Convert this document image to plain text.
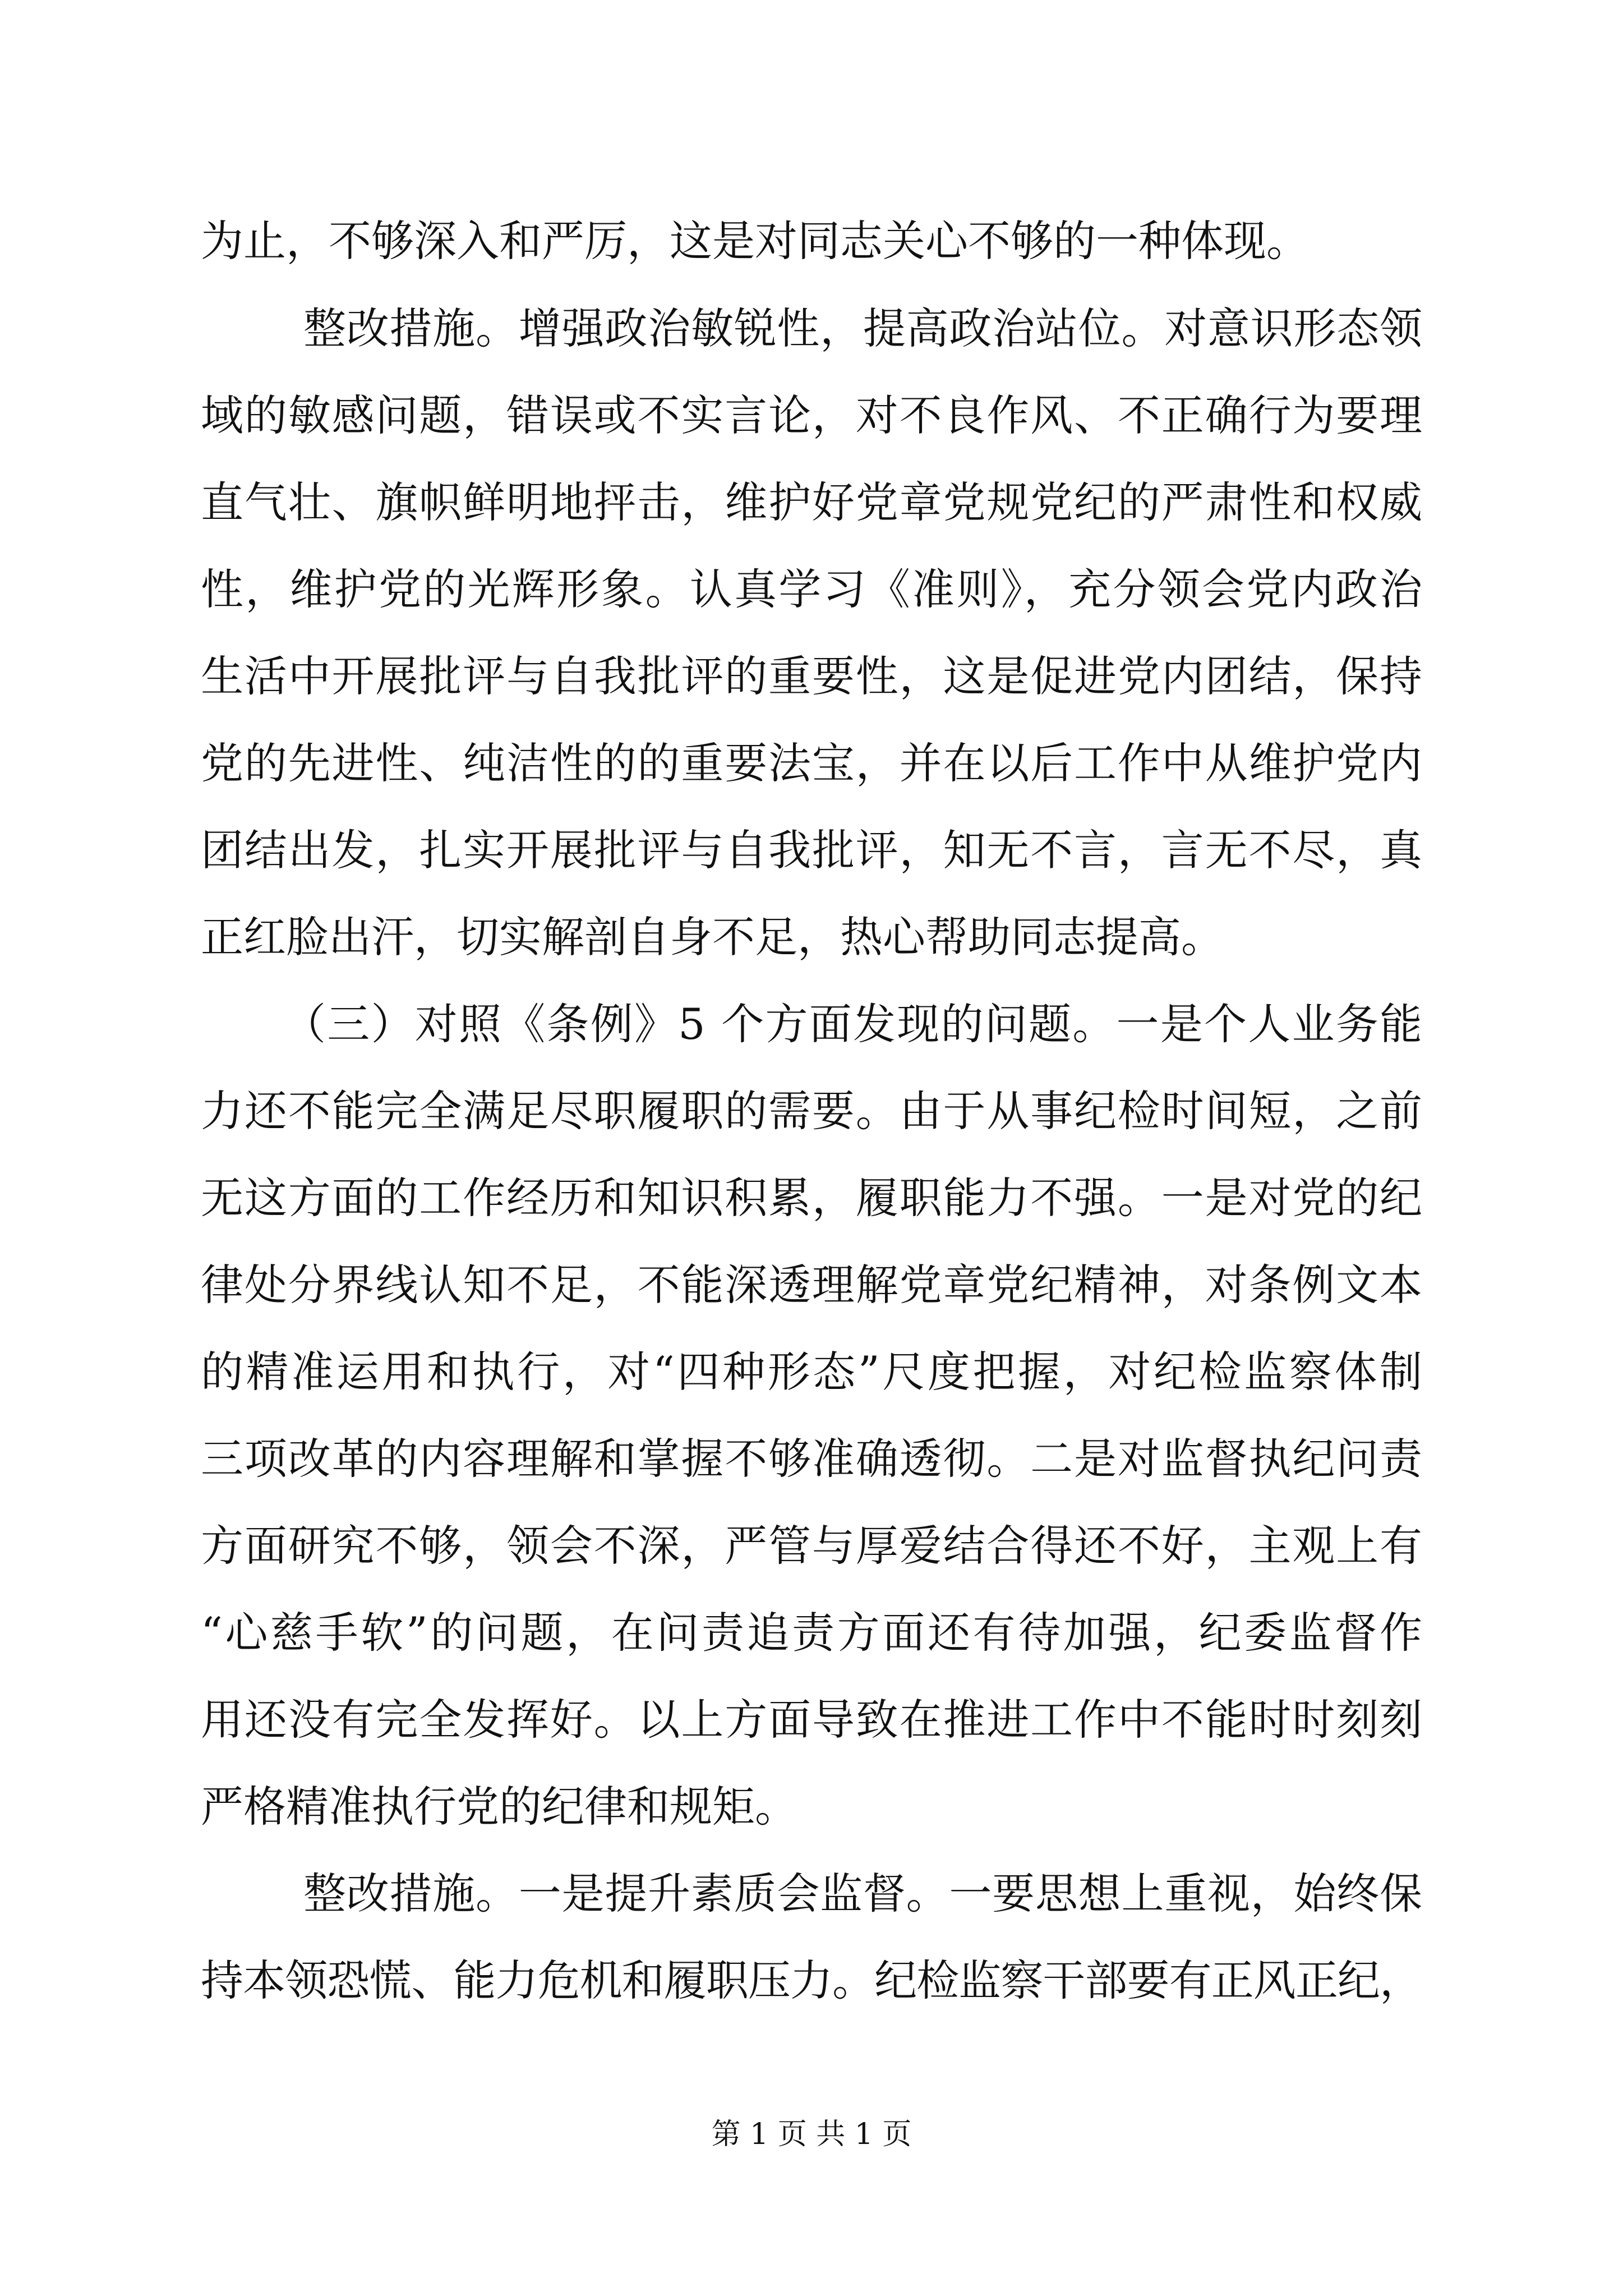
为止，不够深入和严厉，这是对同志关心不够的一种体现。

整改措施。增强政治敏锐性，提高政治站位。对意识形态领

域的敏感问题，错误或不实言论，对不良作风、不正确行为要理

直气壮、旗帜鲜明地抨击，维护好党章党规党纪的严肃性和权威

性，维护党的光辉形象。认真学习《准则》，充分领会党内政治

生活中开展批评与自我批评的重要性，这是促进党内团结，保持

党的先进性、纯洁性的的重要法宝，并在以后工作中从维护党内

团结出发，扎实开展批评与自我批评，知无不言，言无不尽，真

正红脸出汗，切实解剖自身不足，热心帮助同志提高。

（三）对照《条例》5 个方面发现的问题。一是个人业务能

力还不能完全满足尽职履职的需要。由于从事纪检时间短，之前

无这方面的工作经历和知识积累，履职能力不强。一是对党的纪

律处分界线认知不足，不能深透理解党章党纪精神，对条例文本

的精准运用和执行，对“四种形态”尺度把握，对纪检监察体制

三项改革的内容理解和掌握不够准确透彻。二是对监督执纪问责

方面研究不够，领会不深，严管与厚爱结合得还不好，主观上有

“心慈手软”的问题，在问责追责方面还有待加强，纪委监督作

用还没有完全发挥好。以上方面导致在推进工作中不能时时刻刻

严格精准执行党的纪律和规矩。

整改措施。一是提升素质会监督。一要思想上重视，始终保

持本领恐慌、能力危机和履职压力。纪检监察干部要有正风正纪，

第 1 页 共 1 页
